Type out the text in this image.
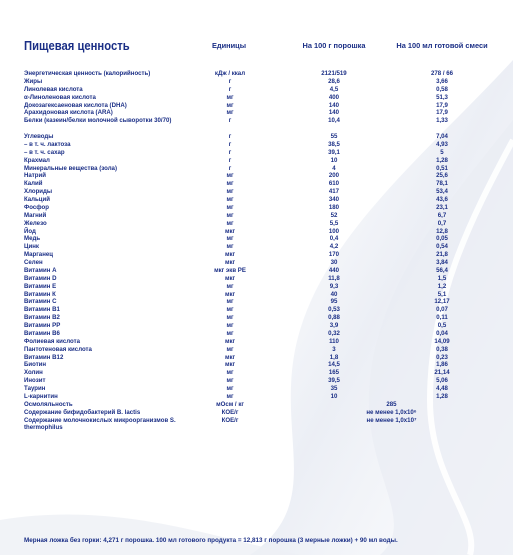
Пищевая ценность	Единицы	На 100 г порошка	На 100 мл готовой смеси
Энергетическая ценность (калорийность)	кДж / ккал	2121/519	278 / 66
Жиры	г	28,6	3,66
Линолевая кислота	г	4,5	0,58
α-Линоленовая кислота	мг	400	51,3
Докозагексаеновая кислота (DHA)	мг	140	17,9
Арахидоновая кислота (ARA)	мг	140	17,9
Белки (казеин/белки молочной сыворотки 30/70)	г	10,4	1,33
Углеводы	г	55	7,04
– в т. ч. лактоза	г	38,5	4,93
– в т. ч. сахар	г	39,1	5
Крахмал	г	10	1,28
Минеральные вещества (зола)	г	4	0,51
Натрий	мг	200	25,6
Калий	мг	610	78,1
Хлориды	мг	417	53,4
Кальций	мг	340	43,6
Фосфор	мг	180	23,1
Магний	мг	52	6,7
Железо	мг	5,5	0,7
Йод	мкг	100	12,8
Медь	мг	0,4	0,05
Цинк	мг	4,2	0,54
Марганец	мкг	170	21,8
Селен	мкг	30	3,84
Витамин А	мкг экв РЕ	440	56,4
Витамин D	мкг	11,8	1,5
Витамин Е	мг	9,3	1,2
Витамин К	мкг	40	5,1
Витамин С	мг	95	12,17
Витамин B1	мг	0,53	0,07
Витамин B2	мг	0,88	0,11
Витамин РР	мг	3,9	0,5
Витамин B6	мг	0,32	0,04
Фолиевая кислота	мкг	110	14,09
Пантотеновая кислота	мг	3	0,38
Витамин B12	мкг	1,8	0,23
Биотин	мкг	14,5	1,86
Холин	мг	165	21,14
Инозит	мг	39,5	5,06
Таурин	мг	35	4,48
L-карнитин	мг	10	1,28
Осмоляльность	мОсм / кг	285
Содержание бифидобактерий B. lactis	КОЕ/г	не менее 1,0х10⁶
Содержание молочнокислых микроорганизмов S. thermophilus
КОЕ/г	не менее 1,0х10⁷
Мерная ложка без горки: 4,271 г порошка. 100 мл готового продукта = 12,813 г порошка (3 мерные ложки) + 90 мл воды.
